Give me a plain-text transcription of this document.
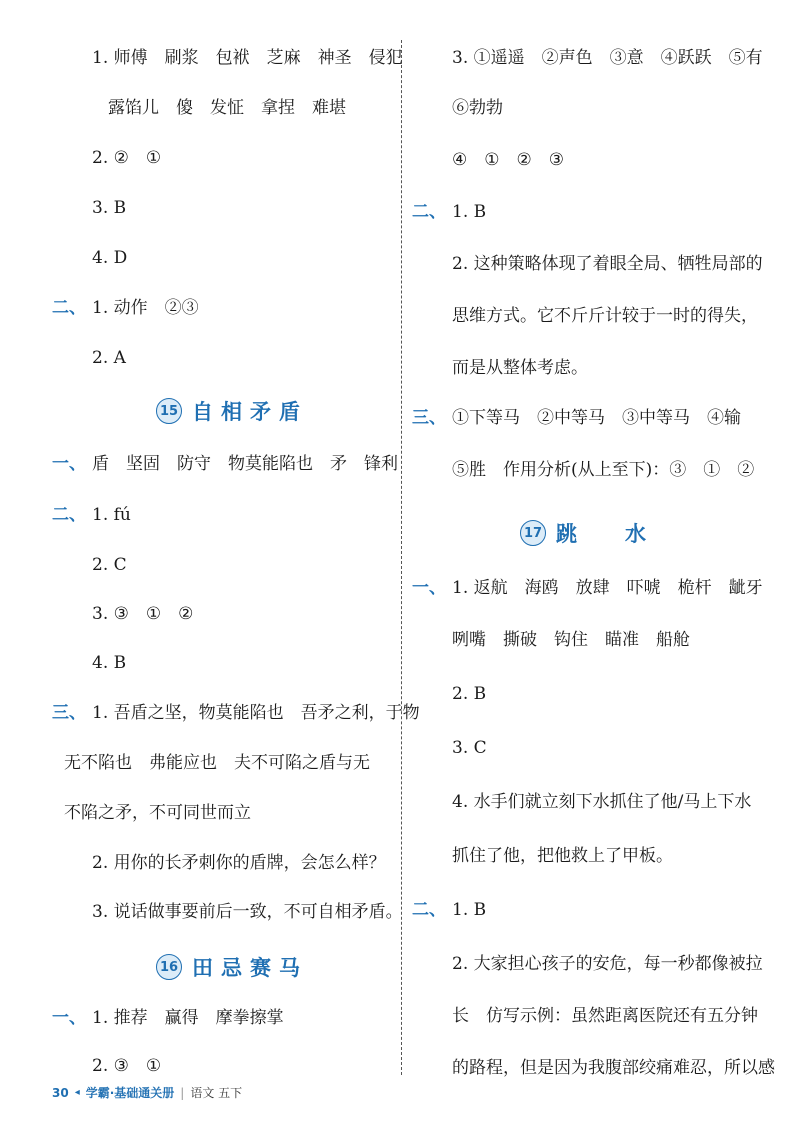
1. 师傅　刷浆　包袱　芝麻　神圣　侵犯
露馅儿　傻　发怔　拿捏　难堪
2. ②　①
3. B
4. D
二、 1. 动作　②③
2. A
15 自相矛盾
一、 盾　坚固　防守　物莫能陷也　矛　锋利
二、 1. fú
2. C
3. ③　①　②
4. B
三、 1. 吾盾之坚，物莫能陷也　吾矛之利，于物
无不陷也　弗能应也　夫不可陷之盾与无
不陷之矛，不可同世而立
2. 用你的长矛刺你的盾牌，会怎么样？
3. 说话做事要前后一致，不可自相矛盾。
16 田忌赛马
一、 1. 推荐　赢得　摩拳擦掌
2. ③　①
3. ①遥遥　②声色　③意　④跃跃　⑤有
⑥勃勃
④　①　②　③
二、 1. B
2. 这种策略体现了着眼全局、牺牲局部的
思维方式。它不斤斤计较于一时的得失，
而是从整体考虑。
三、 ①下等马　②中等马　③中等马　④输
⑤胜　作用分析(从上至下)：③　①　②
17 跳　　水
一、 1. 返航　海鸥　放肆　吓唬　桅杆　龇牙
咧嘴　撕破　钩住　瞄准　船舱
2. B
3. C
4. 水手们就立刻下水抓住了他/马上下水
抓住了他，把他救上了甲板。
二、 1. B
2. 大家担心孩子的安危，每一秒都像被拉
长　仿写示例：虽然距离医院还有五分钟
的路程，但是因为我腹部绞痛难忍，所以感
30 ◂ 学霸·基础通关册 | 语文 五下
